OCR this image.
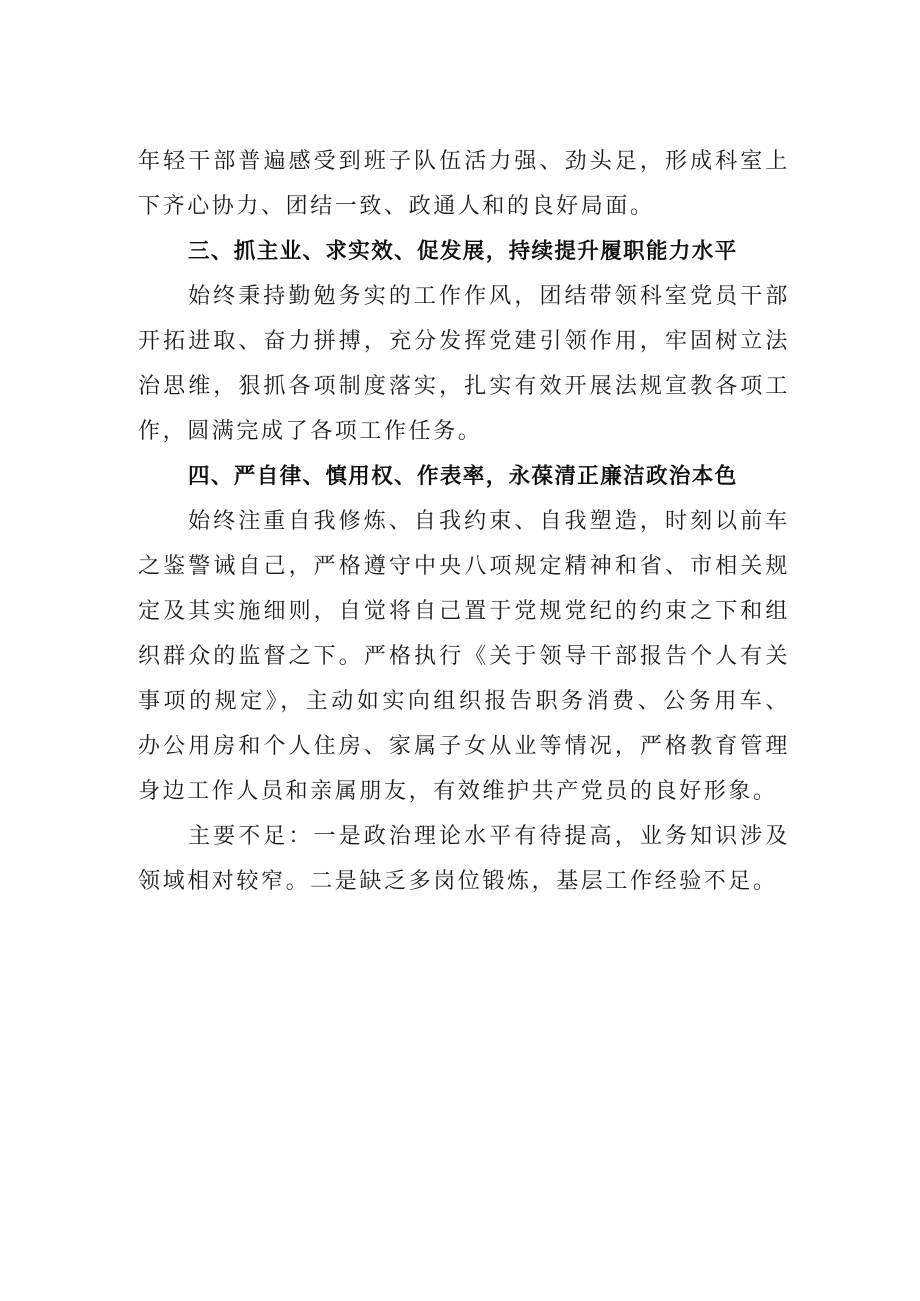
年轻干部普遍感受到班子队伍活力强、劲头足，形成科室上下齐心协力、团结一致、政通人和的良好局面。

三、抓主业、求实效、促发展，持续提升履职能力水平

始终秉持勤勉务实的工作作风，团结带领科室党员干部开拓进取、奋力拼搏，充分发挥党建引领作用，牢固树立法治思维，狠抓各项制度落实，扎实有效开展法规宣教各项工作，圆满完成了各项工作任务。

四、严自律、慎用权、作表率，永葆清正廉洁政治本色

始终注重自我修炼、自我约束、自我塑造，时刻以前车之鉴警诫自己，严格遵守中央八项规定精神和省、市相关规定及其实施细则，自觉将自己置于党规党纪的约束之下和组织群众的监督之下。严格执行《关于领导干部报告个人有关事项的规定》，主动如实向组织报告职务消费、公务用车、办公用房和个人住房、家属子女从业等情况，严格教育管理身边工作人员和亲属朋友，有效维护共产党员的良好形象。

主要不足：一是政治理论水平有待提高，业务知识涉及领域相对较窄。二是缺乏多岗位锻炼，基层工作经验不足。
